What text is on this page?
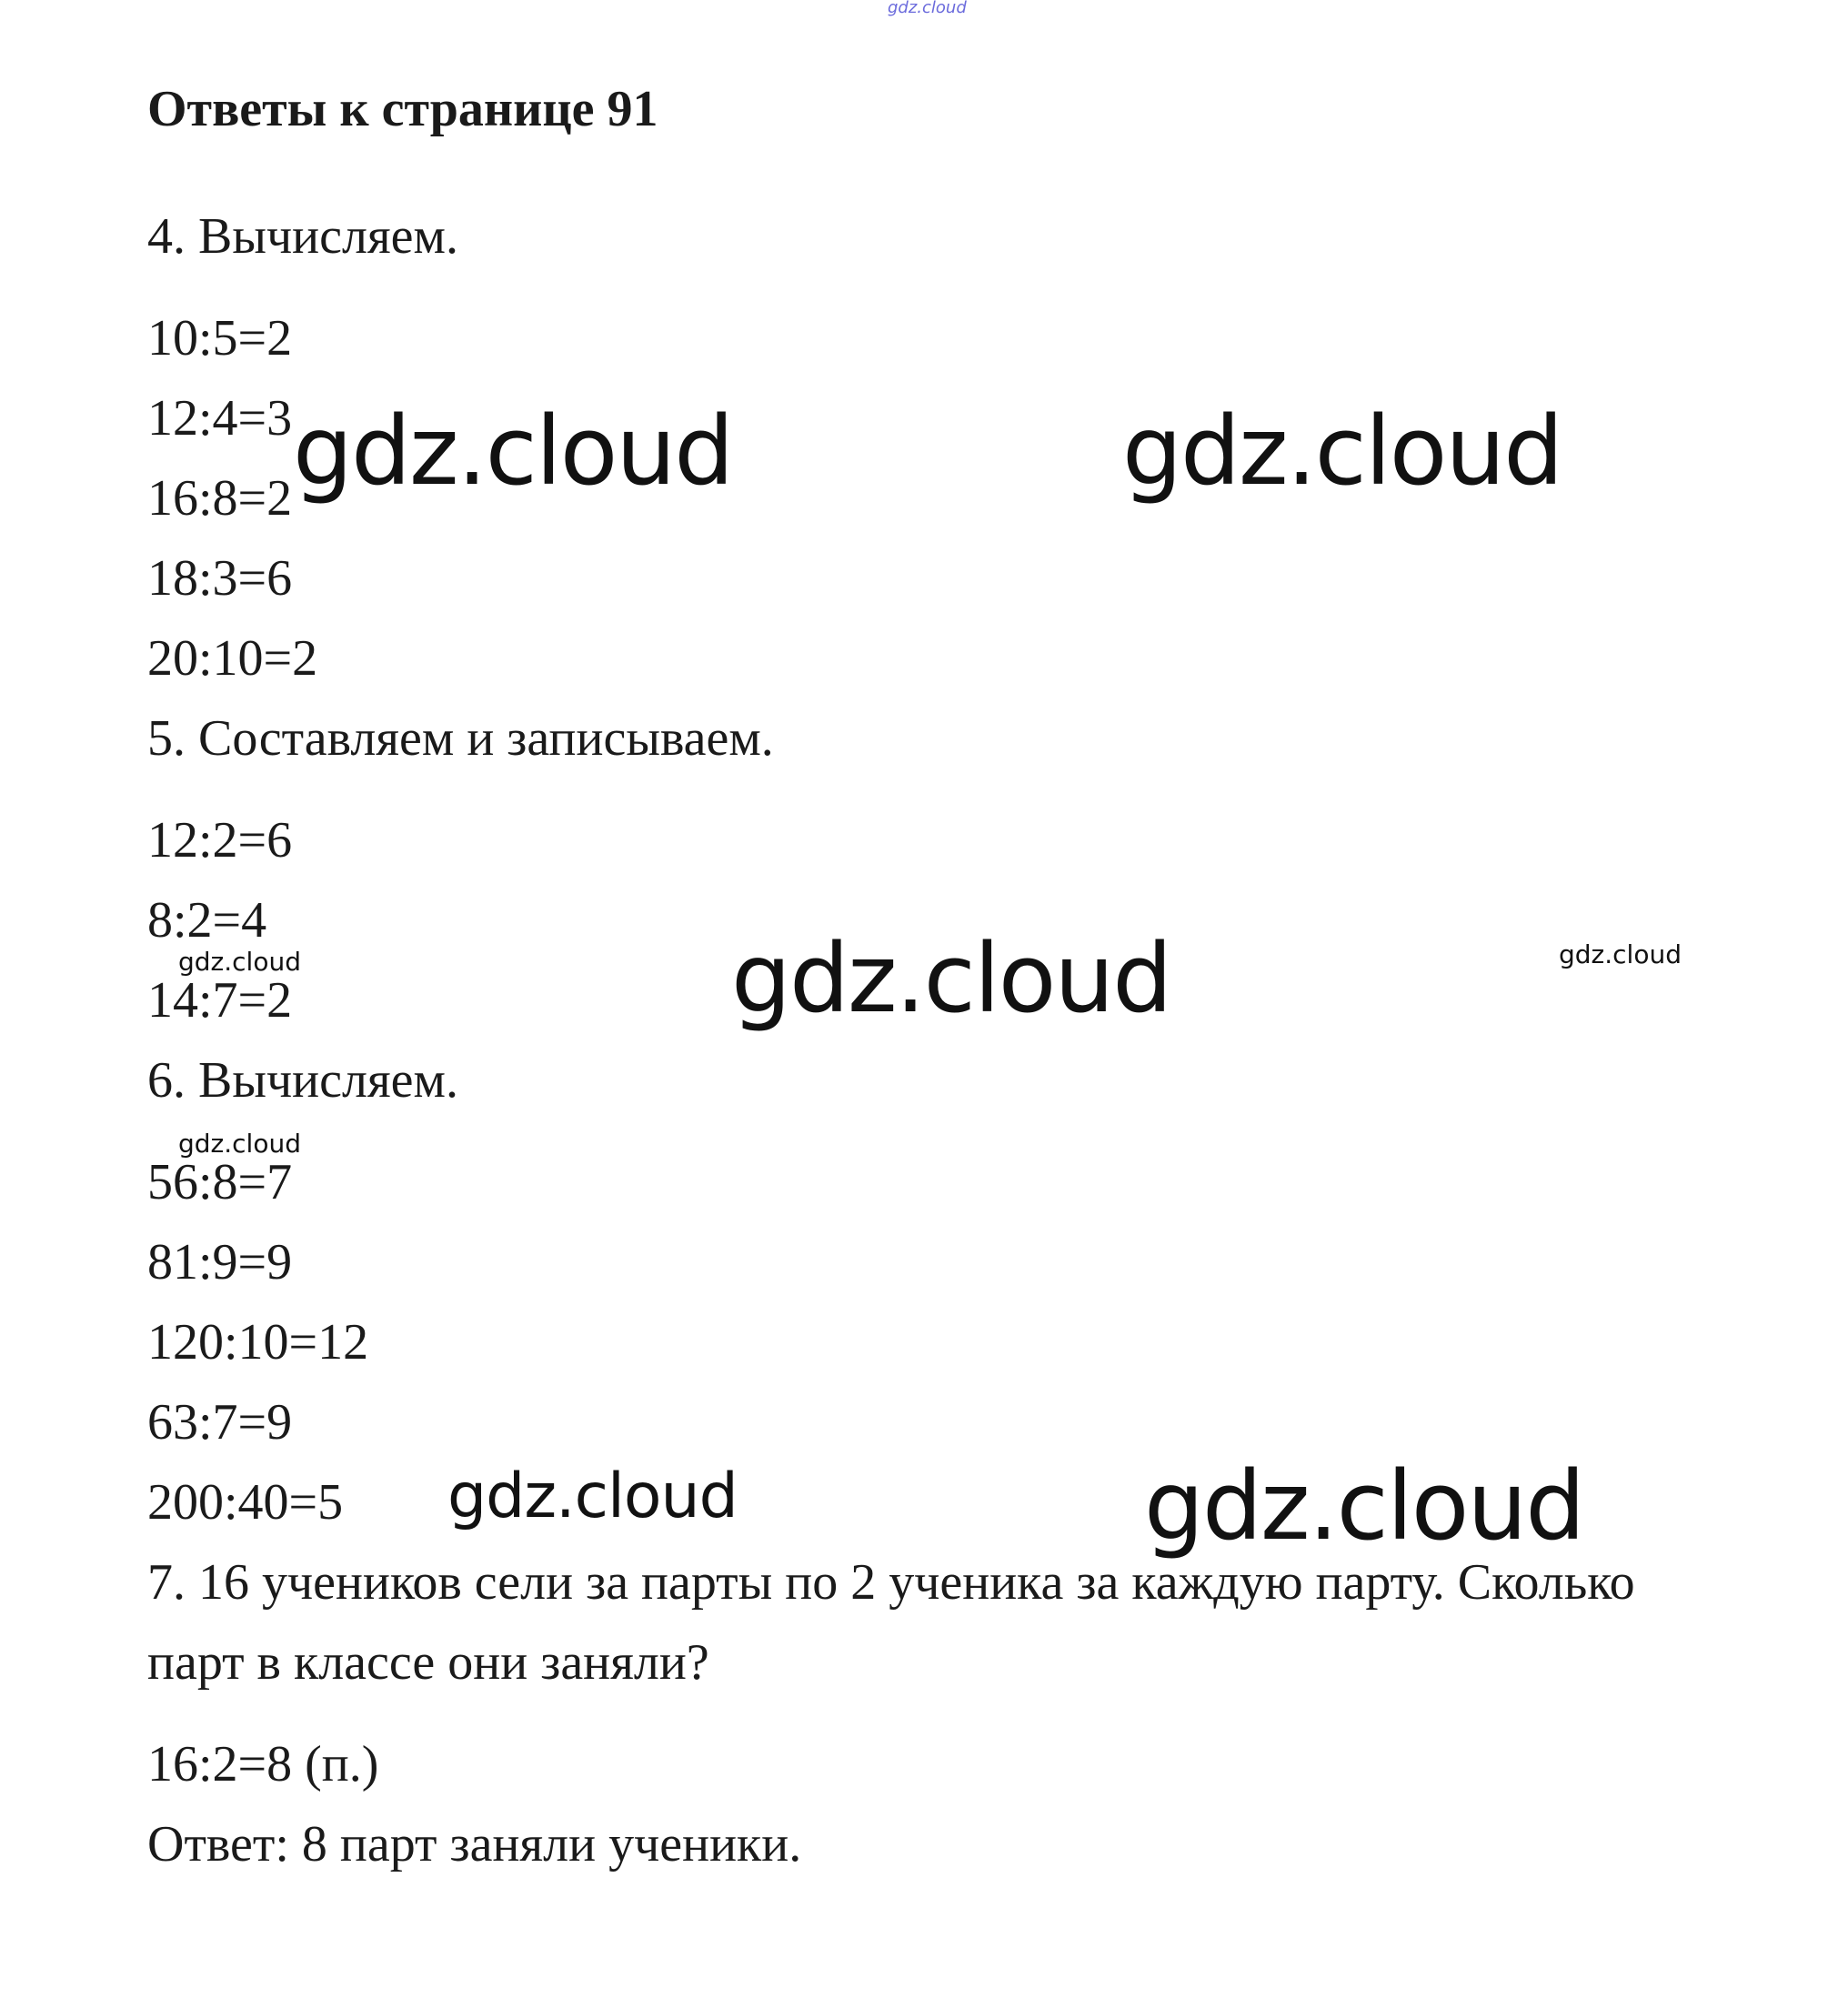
gdz.cloud
Ответы к странице 91

4. Вычисляем.

10:5=2

12:4=3

16:8=2

18:3=6

20:10=2

5. Составляем и записываем.

12:2=6

8:2=4

14:7=2

6. Вычисляем.

56:8=7

81:9=9

120:10=12

63:7=9

200:40=5

7. 16 учеников сели за парты по 2 ученика за каждую парту. Сколько

парт в классе они заняли?

16:2=8 (п.)

Ответ: 8 парт заняли ученики.

gdz.cloud	gdz.cloud
gdz.cloud	gdz.cloud
gdz.cloud
gdz.cloud
gdz.cloud	gdz.cloud
